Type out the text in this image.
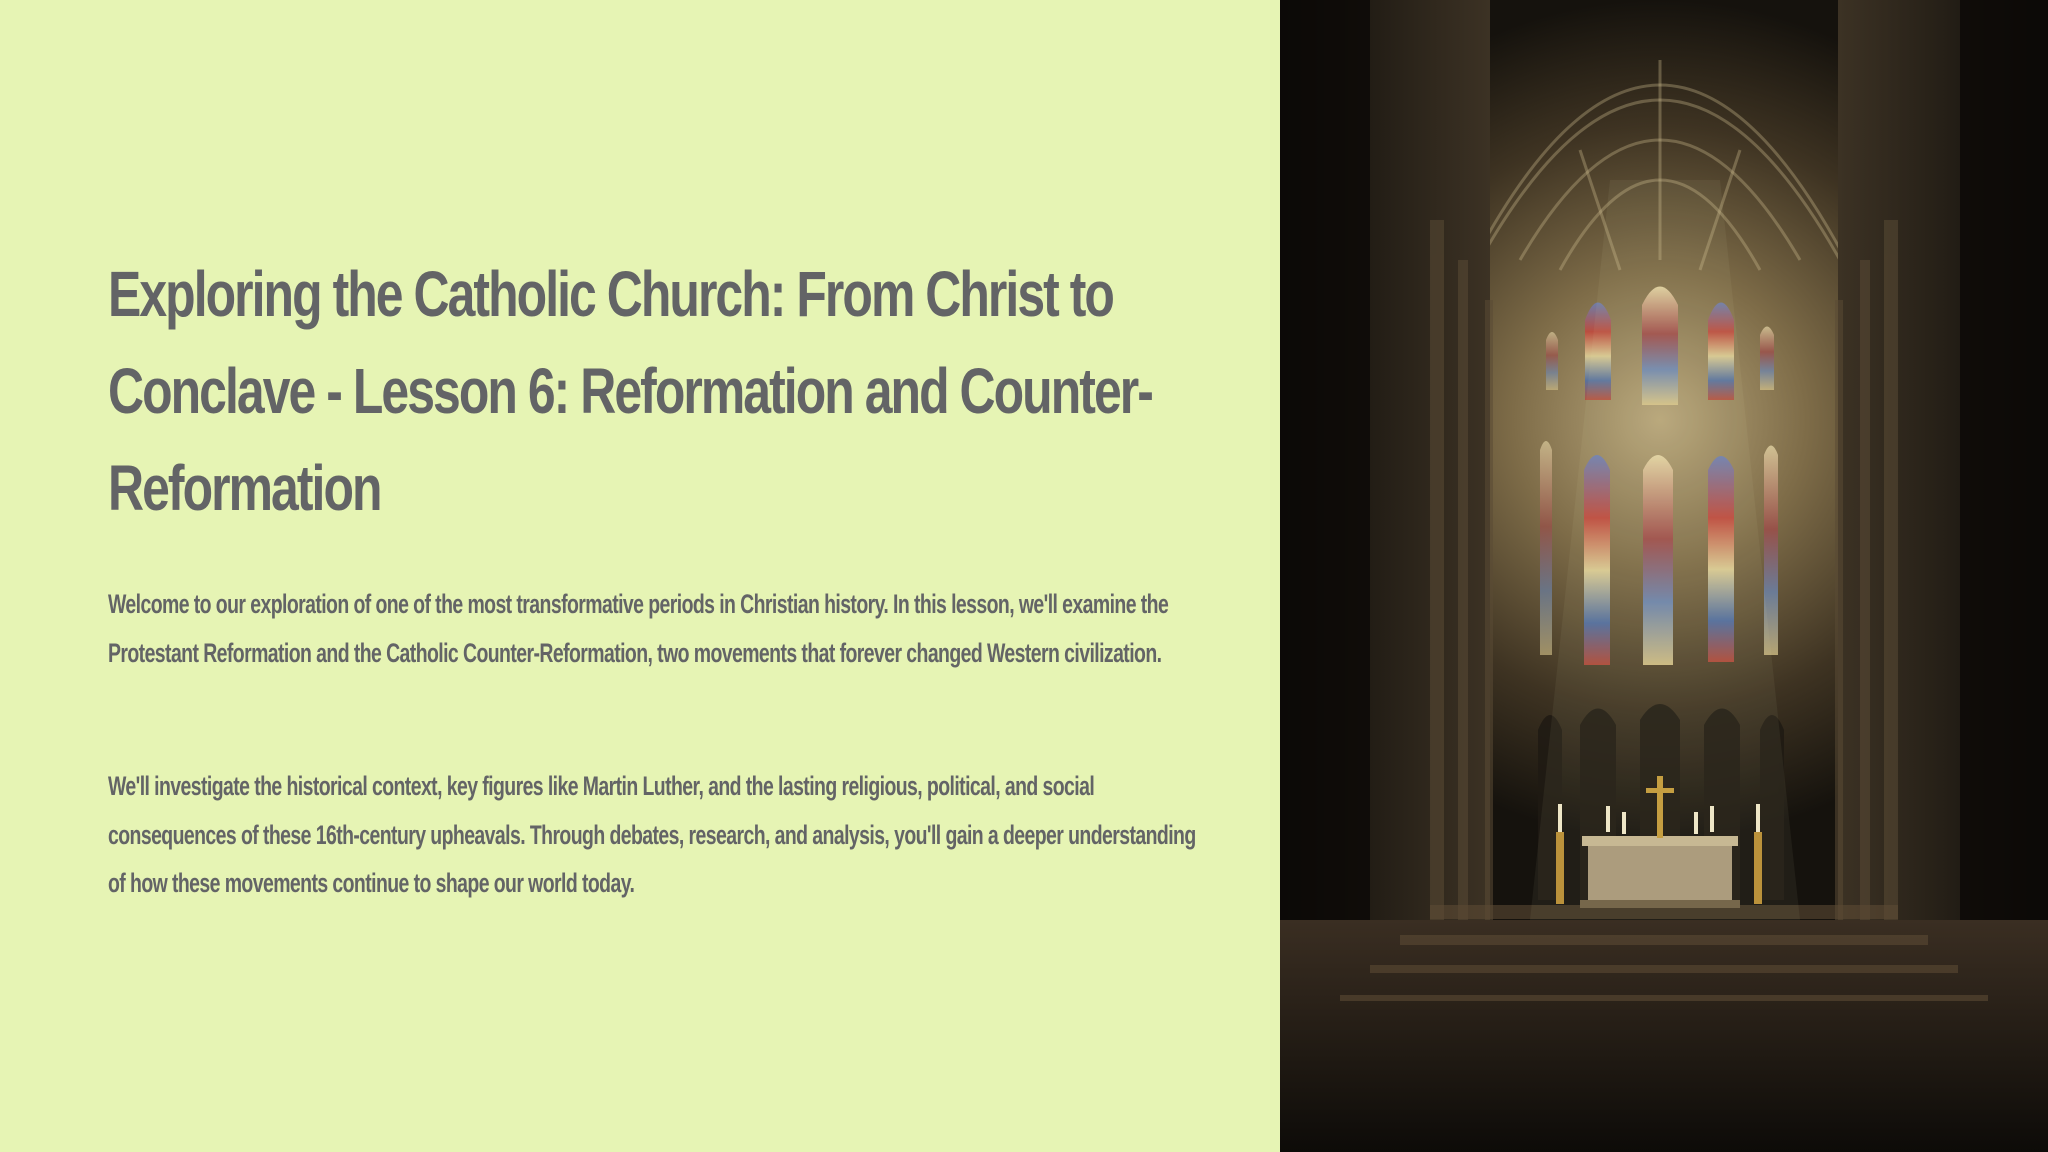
Exploring the Catholic Church: From Christ to Conclave - Lesson 6: Reformation and Counter-Reformation

Welcome to our exploration of one of the most transformative periods in Christian history. In this lesson, we'll examine the Protestant Reformation and the Catholic Counter-Reformation, two movements that forever changed Western civilization.

We'll investigate the historical context, key figures like Martin Luther, and the lasting religious, political, and social consequences of these 16th-century upheavals. Through debates, research, and analysis, you'll gain a deeper understanding of how these movements continue to shape our world today.
